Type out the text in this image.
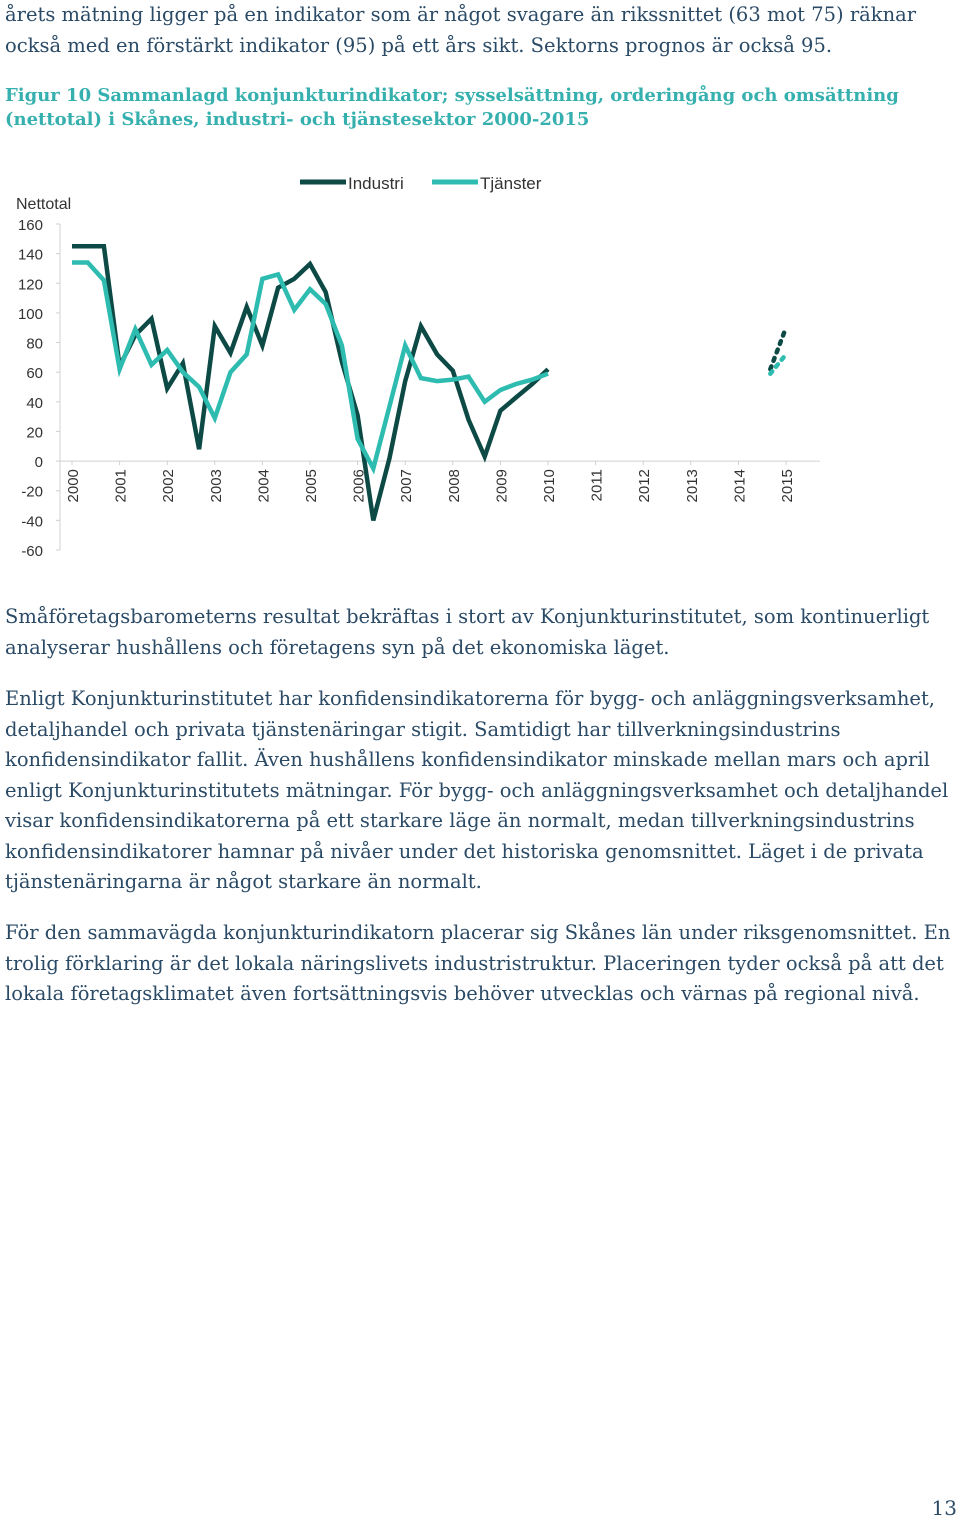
årets mätning ligger på en indikator som är något svagare än rikssnittet (63 mot 75) räknar också med en förstärkt indikator (95) på ett års sikt. Sektorns prognos är också 95.
Figur 10 Sammanlagd konjunkturindikator; sysselsättning, orderingång och omsättning (nettotal) i Skånes, industri- och tjänstesektor 2000-2015
Industri	Tjänster
Nettotal
160
140
120
100
80
60
40
20
0
-20
-40
-60
2000 2001 2002 2003 2004 2005 2006 2007 2008 2009 2010 2011 2012 2013 2014 2015
Småföretagsbarometerns resultat bekräftas i stort av Konjunkturinstitutet, som kontinuerligt analyserar hushållens och företagens syn på det ekonomiska läget.
Enligt Konjunkturinstitutet har konfidensindikatorerna för bygg- och anläggningsverksamhet, detaljhandel och privata tjänstenäringar stigit. Samtidigt har tillverkningsindustrins konfidensindikator fallit. Även hushållens konfidensindikator minskade mellan mars och april enligt Konjunkturinstitutets mätningar. För bygg- och anläggningsverksamhet och detaljhandel visar konfidensindikatorerna på ett starkare läge än normalt, medan tillverkningsindustrins konfidensindikatorer hamnar på nivåer under det historiska genomsnittet. Läget i de privata tjänstenäringarna är något starkare än normalt.
För den sammavägda konjunkturindikatorn placerar sig Skånes län under riksgenomsnittet. En trolig förklaring är det lokala näringslivets industristruktur. Placeringen tyder också på att det lokala företagsklimatet även fortsättningsvis behöver utvecklas och värnas på regional nivå.
13
